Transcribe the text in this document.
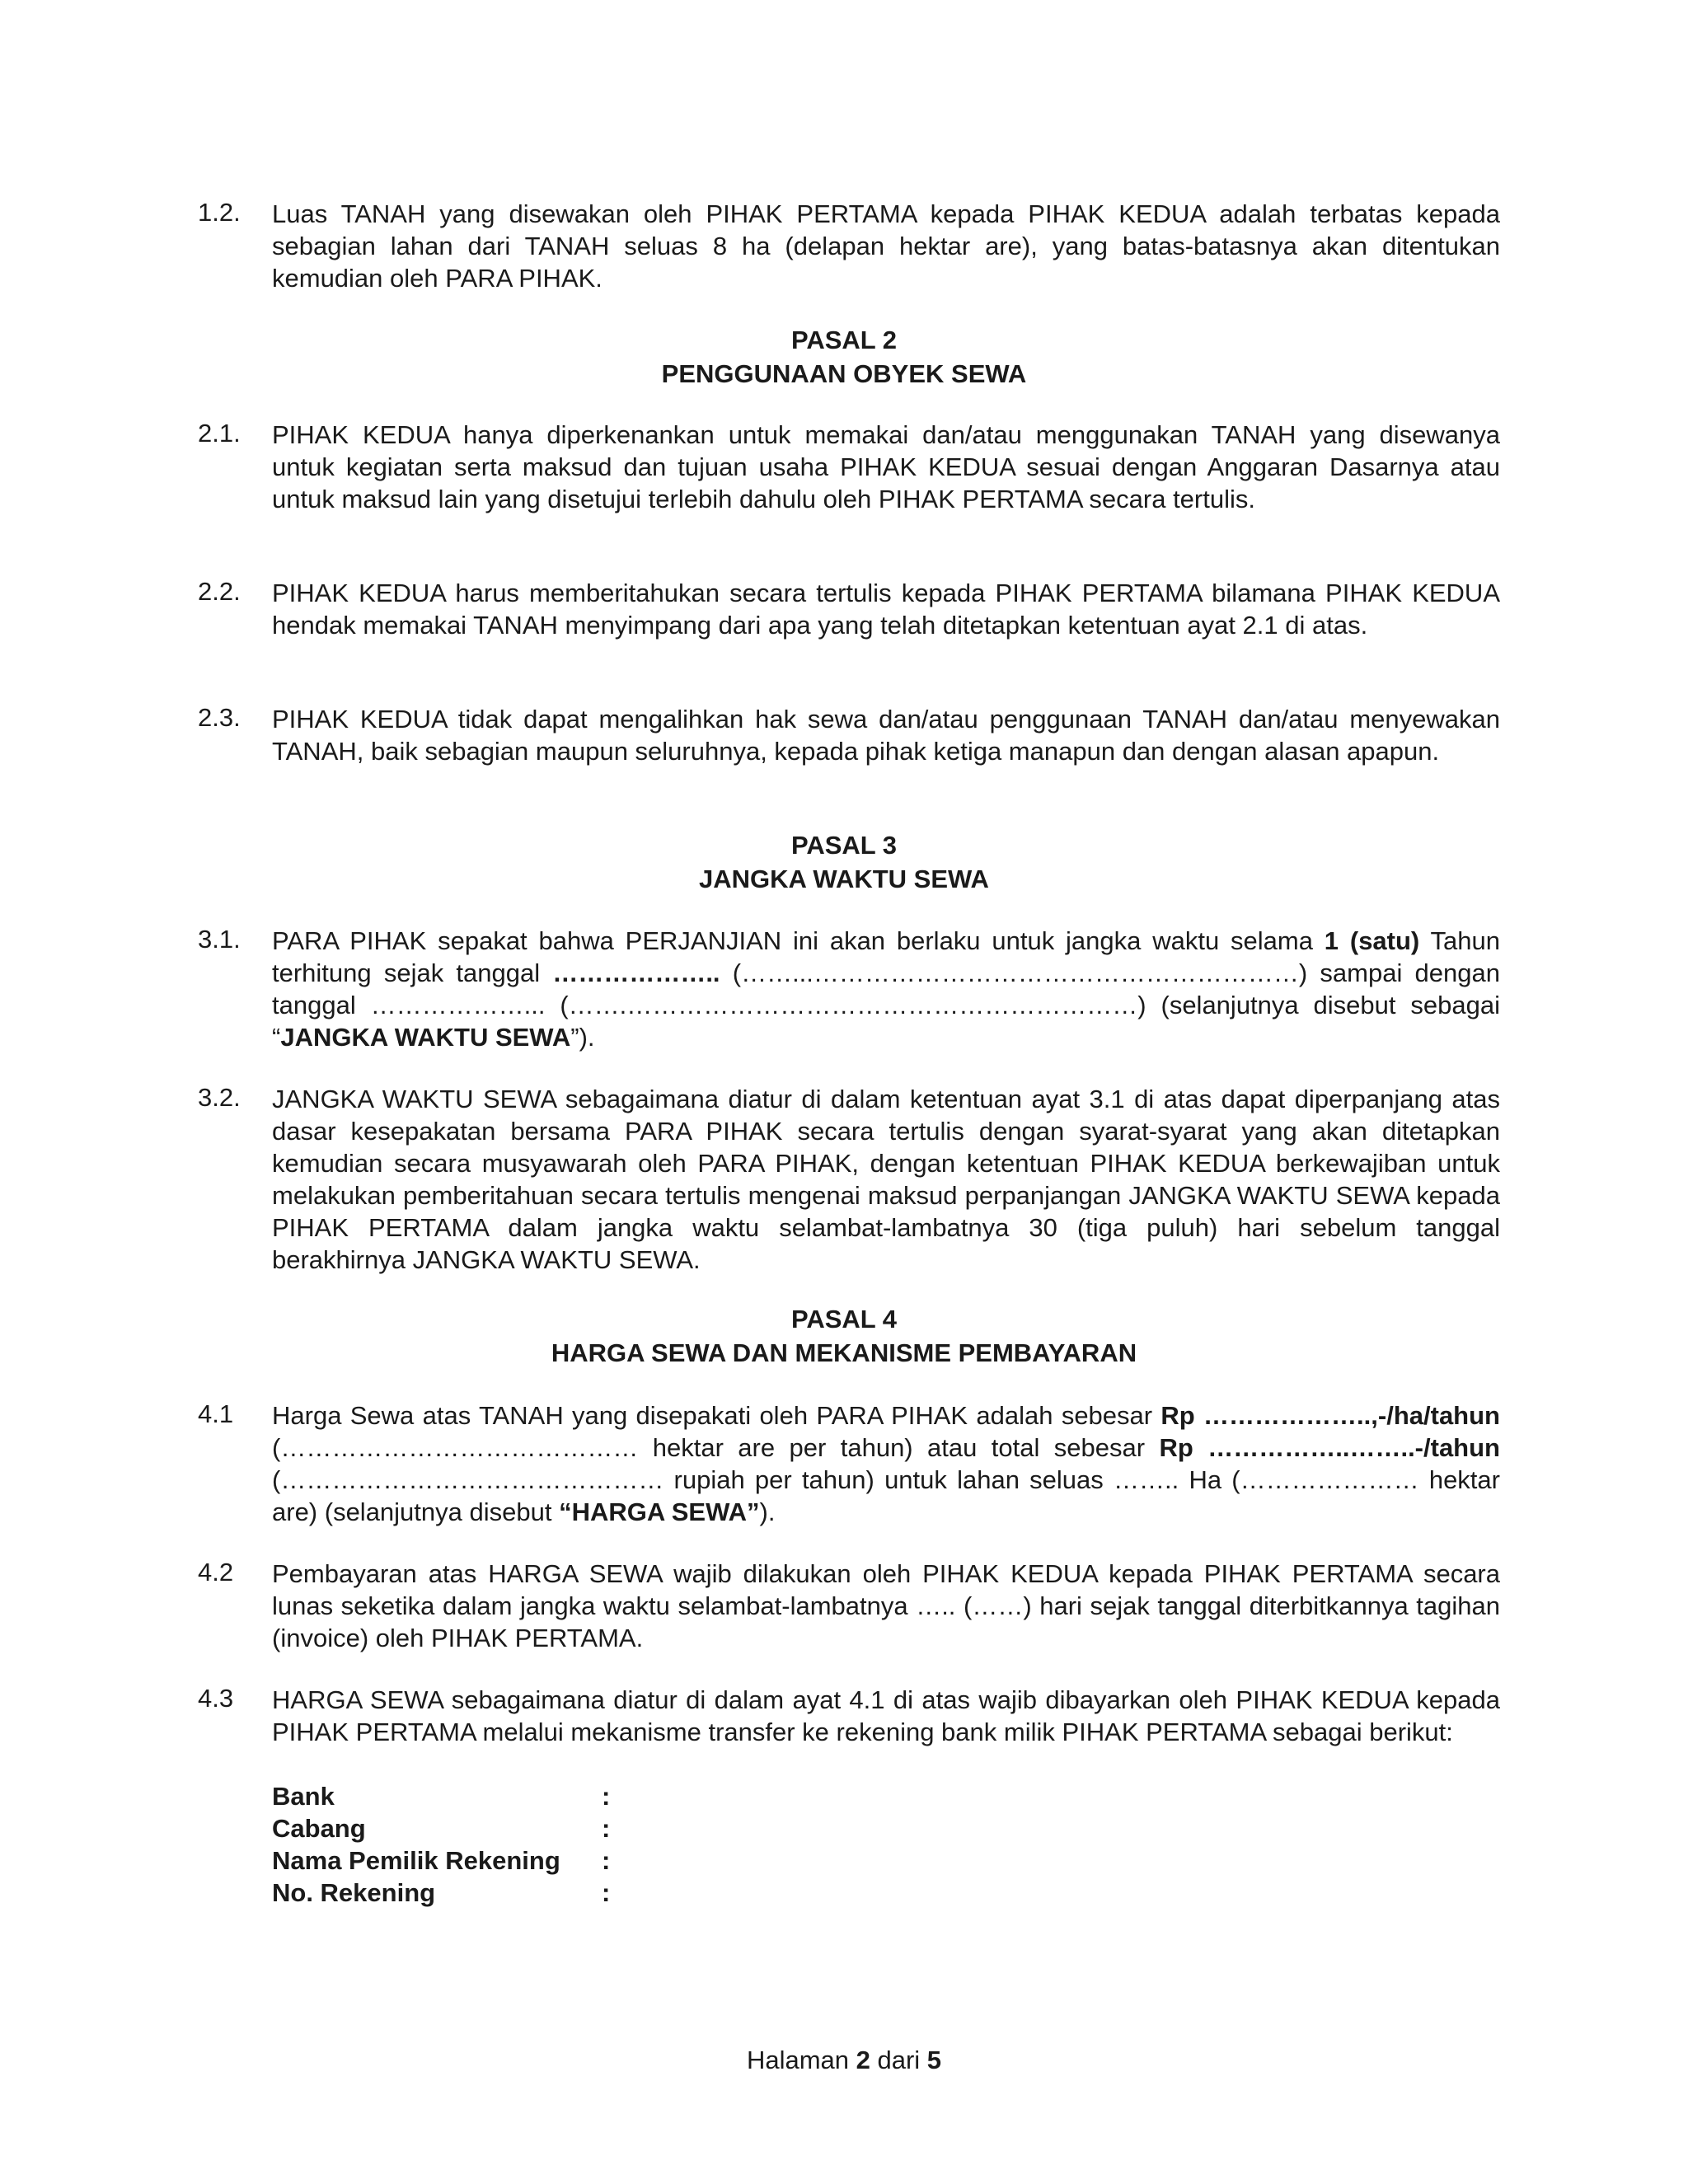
1.2.	Luas TANAH yang disewakan oleh PIHAK PERTAMA kepada PIHAK KEDUA adalah terbatas kepada sebagian lahan dari TANAH seluas 8 ha (delapan hektar are), yang batas-batasnya akan ditentukan kemudian oleh PARA PIHAK.
PASAL 2
PENGGUNAAN OBYEK SEWA
2.1.	PIHAK KEDUA hanya diperkenankan untuk memakai dan/atau menggunakan TANAH yang disewanya untuk kegiatan serta maksud dan tujuan usaha PIHAK KEDUA sesuai dengan Anggaran Dasarnya atau untuk maksud lain yang disetujui terlebih dahulu oleh PIHAK PERTAMA secara tertulis.
2.2.	PIHAK KEDUA harus memberitahukan secara tertulis kepada PIHAK PERTAMA bilamana PIHAK KEDUA hendak memakai TANAH menyimpang dari apa yang telah ditetapkan ketentuan ayat 2.1 di atas.
2.3.	PIHAK KEDUA tidak dapat mengalihkan hak sewa dan/atau penggunaan TANAH dan/atau menyewakan TANAH, baik sebagian maupun seluruhnya, kepada pihak ketiga manapun dan dengan alasan apapun.
PASAL 3
JANGKA WAKTU SEWA
3.1.	PARA PIHAK sepakat bahwa PERJANJIAN ini akan berlaku untuk jangka waktu selama 1 (satu) Tahun terhitung sejak tanggal ……………….. (……...…………………………………………………) sampai dengan tanggal ………………... (…….……………………………………………………) (selanjutnya disebut sebagai “JANGKA WAKTU SEWA”).
3.2.	JANGKA WAKTU SEWA sebagaimana diatur di dalam ketentuan ayat 3.1 di atas dapat diperpanjang atas dasar kesepakatan bersama PARA PIHAK secara tertulis dengan syarat-syarat yang akan ditetapkan kemudian secara musyawarah oleh PARA PIHAK, dengan ketentuan PIHAK KEDUA berkewajiban untuk melakukan pemberitahuan secara tertulis mengenai maksud perpanjangan JANGKA WAKTU SEWA kepada PIHAK PERTAMA dalam jangka waktu selambat-lambatnya 30 (tiga puluh) hari sebelum tanggal berakhirnya JANGKA WAKTU SEWA.
PASAL 4
HARGA SEWA DAN MEKANISME PEMBAYARAN
4.1	Harga Sewa atas TANAH yang disepakati oleh PARA PIHAK adalah sebesar Rp ………………..,-/ha/tahun (…………………………………… hektar are per tahun) atau total sebesar Rp ……………..……..-/tahun (……………………………………… rupiah per tahun) untuk lahan seluas …….. Ha (………………… hektar are) (selanjutnya disebut “HARGA SEWA”).
4.2	Pembayaran atas HARGA SEWA wajib dilakukan oleh PIHAK KEDUA kepada PIHAK PERTAMA secara lunas seketika dalam jangka waktu selambat-lambatnya ….. (……) hari sejak tanggal diterbitkannya tagihan (invoice) oleh PIHAK PERTAMA.
4.3	HARGA SEWA sebagaimana diatur di dalam ayat 4.1 di atas wajib dibayarkan oleh PIHAK KEDUA kepada PIHAK PERTAMA melalui mekanisme transfer ke rekening bank milik PIHAK PERTAMA sebagai berikut:
Bank	:
Cabang	:
Nama Pemilik Rekening	:
No. Rekening	:
Halaman 2 dari 5
